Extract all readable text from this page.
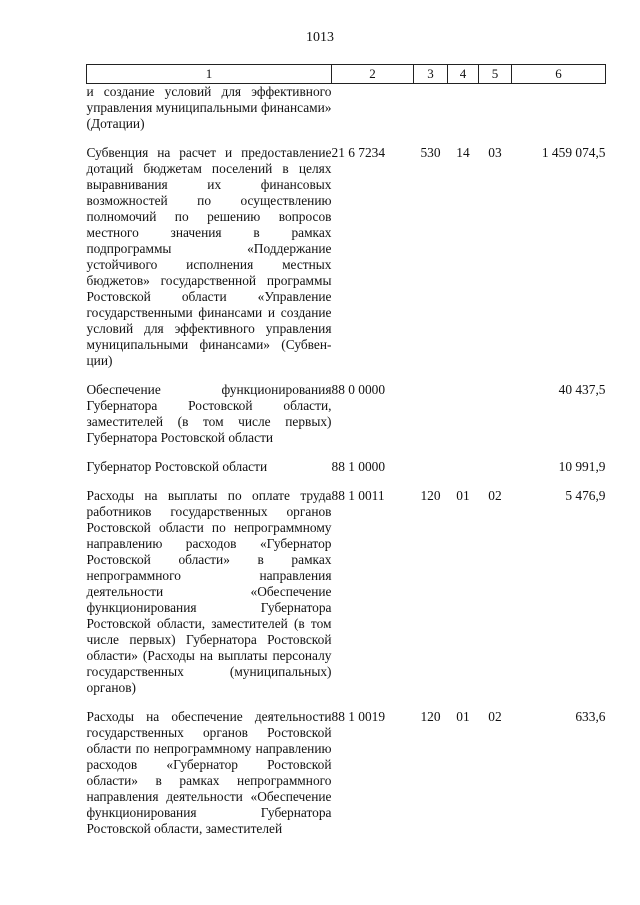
1013
1	2	3	4	5	6
и создание условий для эффективного управления муниципальными финансами» (Дотации)					
Субвенция на расчет и предоставление дотаций бюджетам поселений в целях выравнивания их финансовых возможностей по осуществлению полномочий по решению вопросов местного значения в рамках подпрограммы «Поддержание устойчивого исполнения местных бюджетов» государственной программы Ростовской области «Управление государственными финансами и создание условий для эффективного управления муниципальными финансами» (Субвенции)	21 6 7234	530	14	03	1 459 074,5
Обеспечение функционирования Губернатора Ростовской области, заместителей (в том числе первых) Губернатора Ростовской области	88 0 0000				40 437,5
Губернатор Ростовской области	88 1 0000				10 991,9
Расходы на выплаты по оплате труда работников государственных органов Ростовской области по непрограммному направлению расходов «Губернатор Ростовской области» в рамках непрограммного направления деятельности «Обеспечение функционирования Губернатора Ростовской области, заместителей (в том числе первых) Губернатора Ростовской области» (Расходы на выплаты персоналу государственных (муниципальных) органов)	88 1 0011	120	01	02	5 476,9
Расходы на обеспечение деятельности государственных органов Ростовской области по непрограммному направлению расходов «Губернатор Ростовской области» в рамках непрограммного направления деятельности «Обеспечение функционирования Губернатора Ростовской области, заместителей	88 1 0019	120	01	02	633,6
